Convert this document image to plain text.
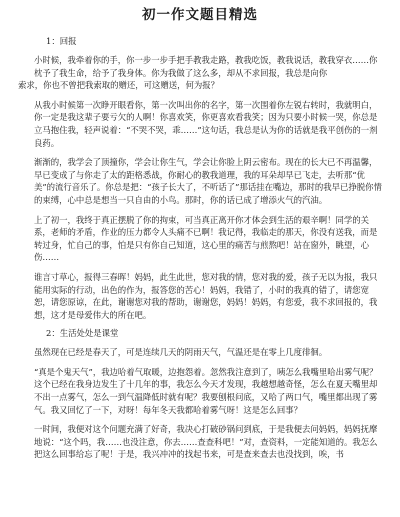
初一作文题目精选
1：回报

小时候，我牵着你的手，你一步一步手把手教我走路，教我吃饭，教我说话，教我穿衣……你枕予了我生命，给予了我身体。你为我做了这么多，却从不求回报，我总是向你
索求，你也不曾把我索取的赠还，可这赠送，何为报？

从我小时候第一次睁开眼看你，第一次叫出你的名字，第一次围着你左锐右转时，我就明白，你一定是我这辈子要亏欠的人啊！你喜欢笑，你更喜欢看我笑；因为只要小时候一哭，你总是立马抱住我，轻声说着：“不哭不哭，乖……”这句话，我总是认为你的话就是我平创伤的一剂良药。

渐渐的，我学会了顶撞你，学会让你生气，学会让你脸上阴云密布。现在的长大已不再温馨，早已变成了与你走了太的距格悉战，你耐心的教我道理，我的耳朵却早已飞走，去听那“优美”的流行音乐了。你总是把：“孩子长大了，不听话了”那话挂在嘴边，那时的我早已挣脱你情的束缚，心中总是想当一只自由的小鸟。那时，你的话已成了增添火气的汽油。

上了初一，我终于真正摆脱了你的拘束，可当真正离开你才体会到生活的艰辛啊！同学的关系，老师的矛盾，作业的压力都令人头痛不已啊！我记得，我临走的那天，你没有送我，而是转过身，忙自己的事，怕是只有你自己知道，这心里的痛苦与煎熬吧！站在窗外，眺望，心伤……

谁言寸草心，报得三春晖！妈妈，此生此世，您对我的情，您对我的爱，孩子无以为报，我只能用实际的行动，出色的作为，报答您的苦心！妈妈，我错了，小时的我真的错了，请您宽恕，请您原谅，在此，谢谢您对我的帮助，谢谢您，妈妈！妈妈，有您爱，我不求回报的，我想，这才是母爱伟大的所在吧。

2：生活处处是课堂

虽然现在已经是春天了，可是连续几天的阴雨天气，气温还是在零上几度徘徊。

“真是个鬼天气”，我边哈着气取暖，边抱怨着。忽然我注意到了，咦怎么我嘴里哈出雾气呢？这个已经在我身边发生了十几年的事，我怎么今天才发现，我越想越奇怪，怎么在夏天嘴里却不出一点雾气，怎么一到气温降低时就有呢？我要刨根问底，又哈了两口气，嘴里都出现了雾气。我又回忆了一下，对呀！每年冬天我都哈着雾气呀！这是怎么回事？

一时间，我便对这个问题充满了好奇，我决心打破砂锅问到底，于是我便去问妈妈，妈妈抚摩地说：“这个吗，我……也没注意，你去……查查科吧！”对，查资料，一定能知道的。我怎么把这么回事给忘了呢！于是，我兴冲冲的找起书来，可是查来查去也没找到，唉，书
